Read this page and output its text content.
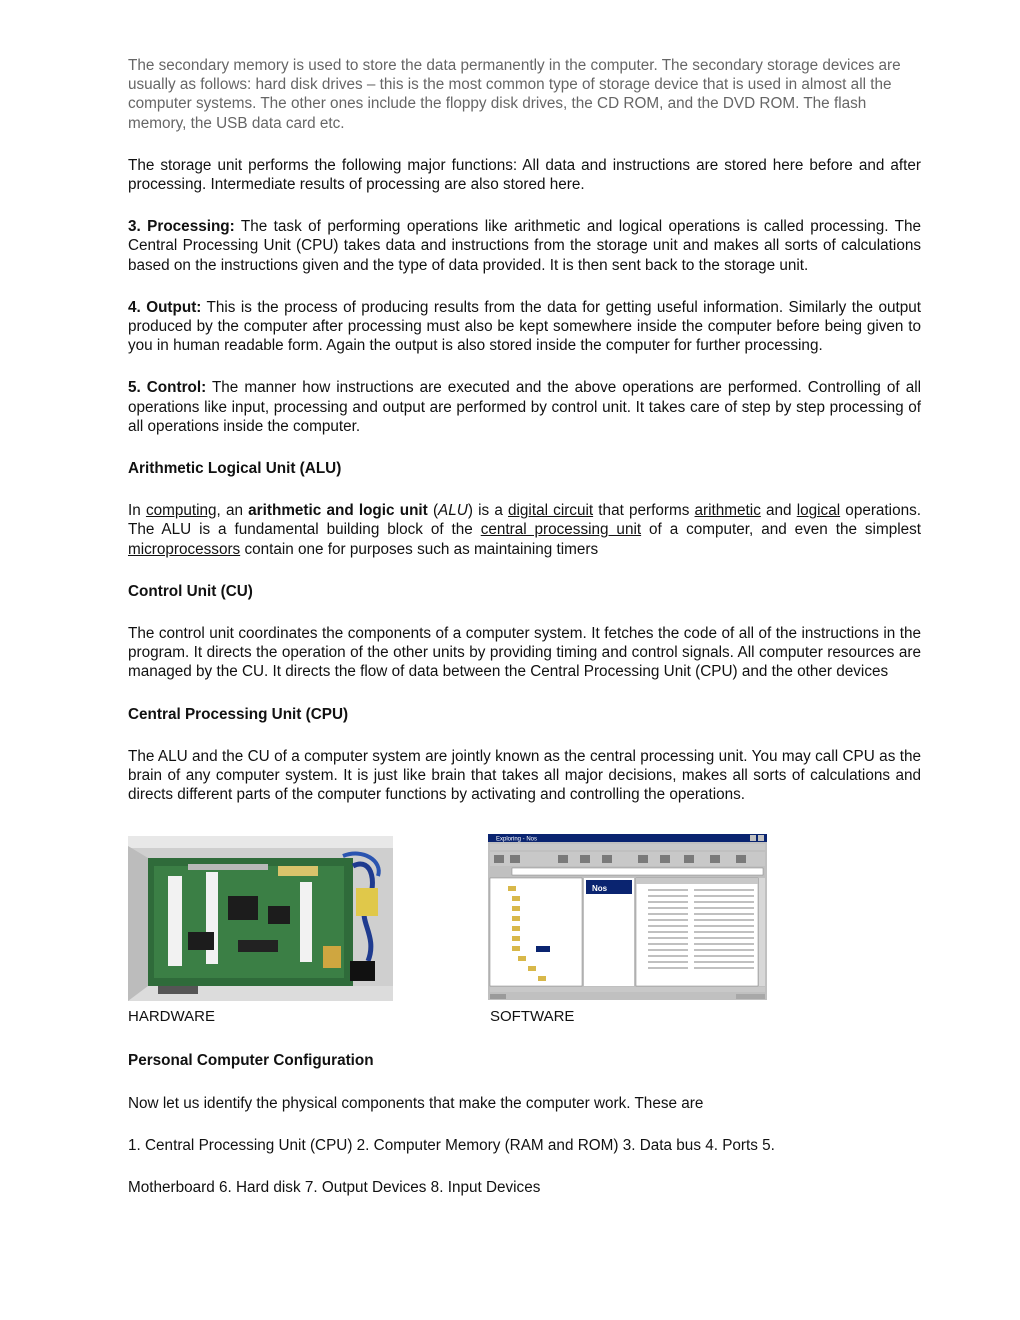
The secondary memory is used to store the data permanently in the computer. The secondary storage devices are usually as follows: hard disk drives – this is the most common type of storage device that is used in almost all the computer systems. The other ones include the floppy disk drives, the CD ROM, and the DVD ROM. The flash memory, the USB data card etc.

The storage unit performs the following major functions: All data and instructions are stored here before and after processing. Intermediate results of processing are also stored here.

3. Processing: The task of performing operations like arithmetic and logical operations is called processing. The Central Processing Unit (CPU) takes data and instructions from the storage unit and makes all sorts of calculations based on the instructions given and the type of data provided. It is then sent back to the storage unit.

4. Output: This is the process of producing results from the data for getting useful information. Similarly the output produced by the computer after processing must also be kept somewhere inside the computer before being given to you in human readable form. Again the output is also stored inside the computer for further processing.

5. Control: The manner how instructions are executed and the above operations are performed. Controlling of all operations like input, processing and output are performed by control unit. It takes care of step by step processing of all operations inside the computer.

Arithmetic Logical Unit (ALU)

In computing, an arithmetic and logic unit (ALU) is a digital circuit that performs arithmetic and logical operations. The ALU is a fundamental building block of the central processing unit of a computer, and even the simplest microprocessors contain one for purposes such as maintaining timers

Control Unit (CU)

The control unit coordinates the components of a computer system. It fetches the code of all of the instructions in the program. It directs the operation of the other units by providing timing and control signals. All computer resources are managed by the CU. It directs the flow of data between the Central Processing Unit (CPU) and the other devices

Central Processing Unit (CPU)

The ALU and the CU of a computer system are jointly known as the central processing unit. You may call CPU as the brain of any computer system. It is just like brain that takes all major decisions, makes all sorts of calculations and directs different parts of the computer functions by activating and controlling the operations.

Exploring - Nos
Nos
HARDWARE	SOFTWARE
Personal Computer Configuration

Now let us identify the physical components that make the computer work. These are

1. Central Processing Unit (CPU) 2. Computer Memory (RAM and ROM) 3. Data bus 4. Ports 5.

Motherboard 6. Hard disk 7. Output Devices 8. Input Devices
